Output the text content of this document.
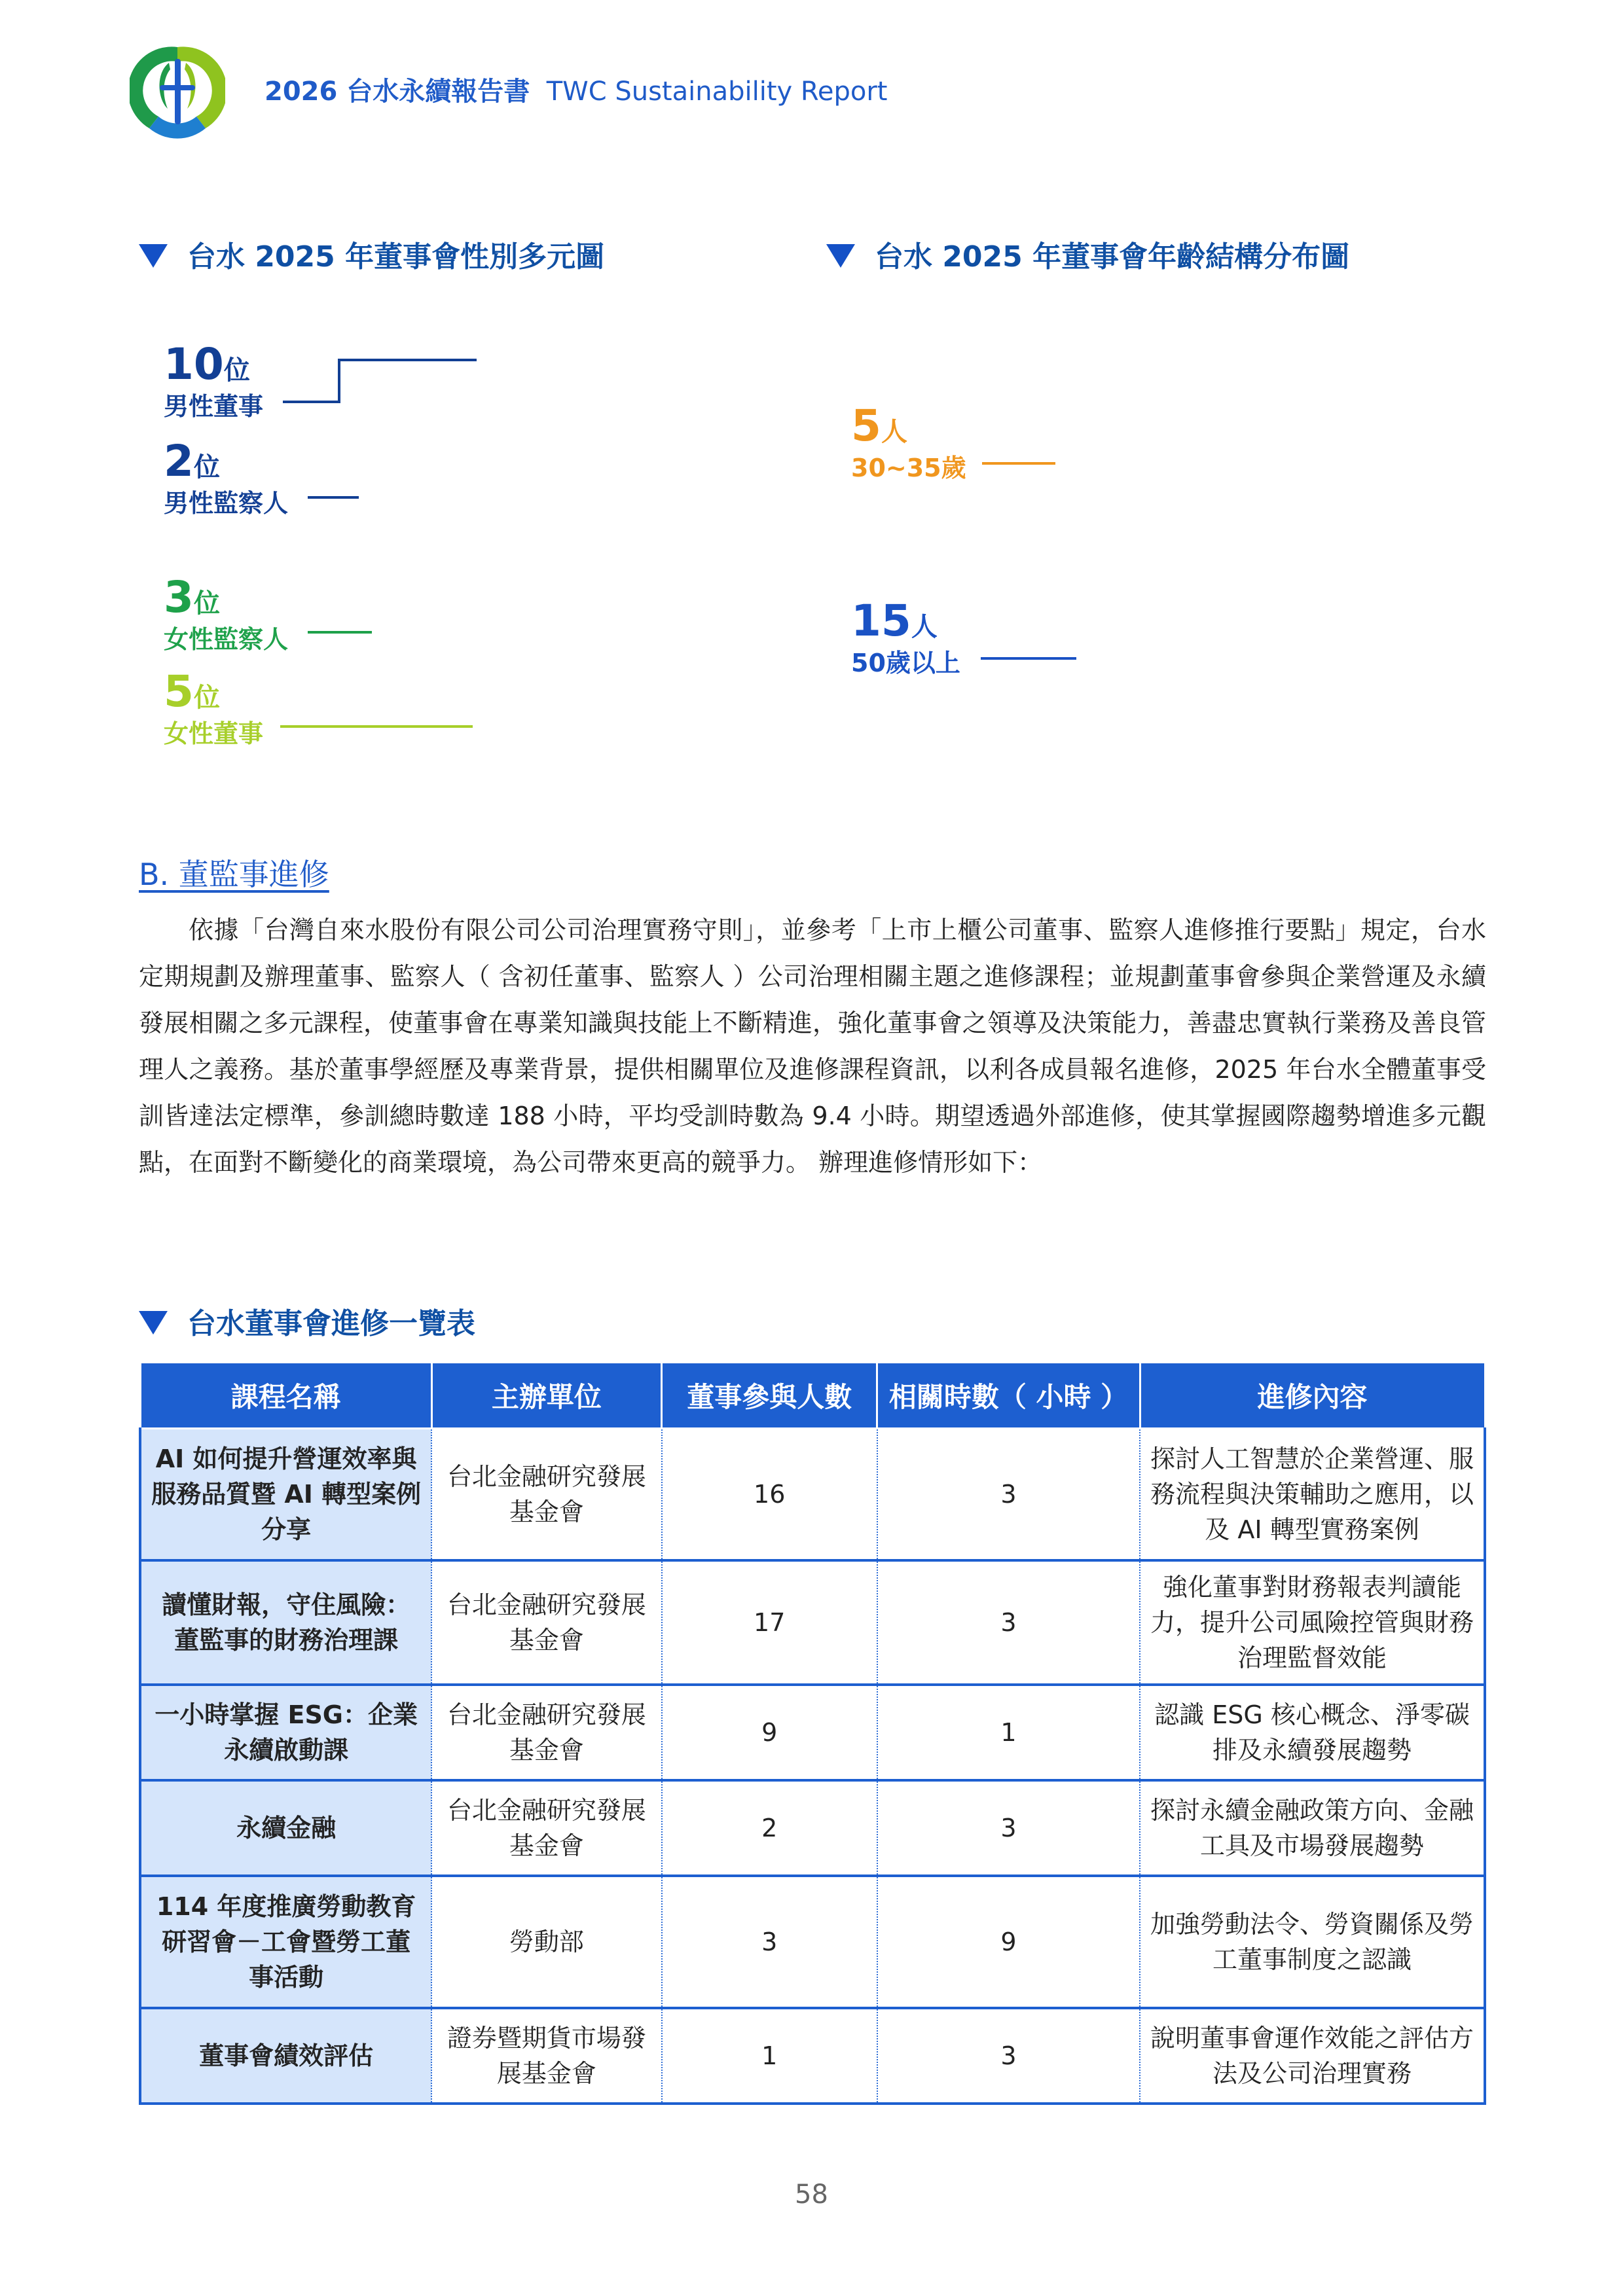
2026 台水永續報告書 TWC Sustainability Report
台水 2025 年董事會性別多元圖
10位
男性董事
2位
男性監察人
3位
女性監察人
5位
女性董事
台水 2025 年董事會年齡結構分布圖
5人
30~35歲
15人
50歲以上
B. 董監事進修

依據「台灣自來水股份有限公司公司治理實務守則」，並參考「上市上櫃公司董事、監察人進修推行要點」規定，台水定期規劃及辦理董事、監察人（ 含初任董事、監察人 ）公司治理相關主題之進修課程；並規劃董事會參與企業營運及永續發展相關之多元課程，使董事會在專業知識與技能上不斷精進，強化董事會之領導及決策能力，善盡忠實執行業務及善良管理人之義務。基於董事學經歷及專業背景，提供相關單位及進修課程資訊，以利各成員報名進修，2025 年台水全體董事受訓皆達法定標準，參訓總時數達 188 小時，平均受訓時數為 9.4 小時。期望透過外部進修，使其掌握國際趨勢增進多元觀點，在面對不斷變化的商業環境，為公司帶來更高的競爭力。 辦理進修情形如下：

台水董事會進修一覽表
課程名稱	主辦單位	董事參與人數	相關時數（ 小時 ）	進修內容
AI 如何提升營運效率與服務品質暨 AI 轉型案例分享	台北金融研究發展基金會	16	3	探討人工智慧於企業營運、服務流程與決策輔助之應用，以及 AI 轉型實務案例
讀懂財報，守住風險：董監事的財務治理課	台北金融研究發展基金會	17	3	強化董事對財務報表判讀能力，提升公司風險控管與財務治理監督效能
一小時掌握 ESG：企業永續啟動課	台北金融研究發展基金會	9	1	認識 ESG 核心概念、淨零碳排及永續發展趨勢
永續金融	台北金融研究發展基金會	2	3	探討永續金融政策方向、金融工具及市場發展趨勢
114 年度推廣勞動教育研習會－工會暨勞工董事活動	勞動部	3	9	加強勞動法令、勞資關係及勞工董事制度之認識
董事會績效評估	證券暨期貨市場發展基金會	1	3	說明董事會運作效能之評估方法及公司治理實務
58
